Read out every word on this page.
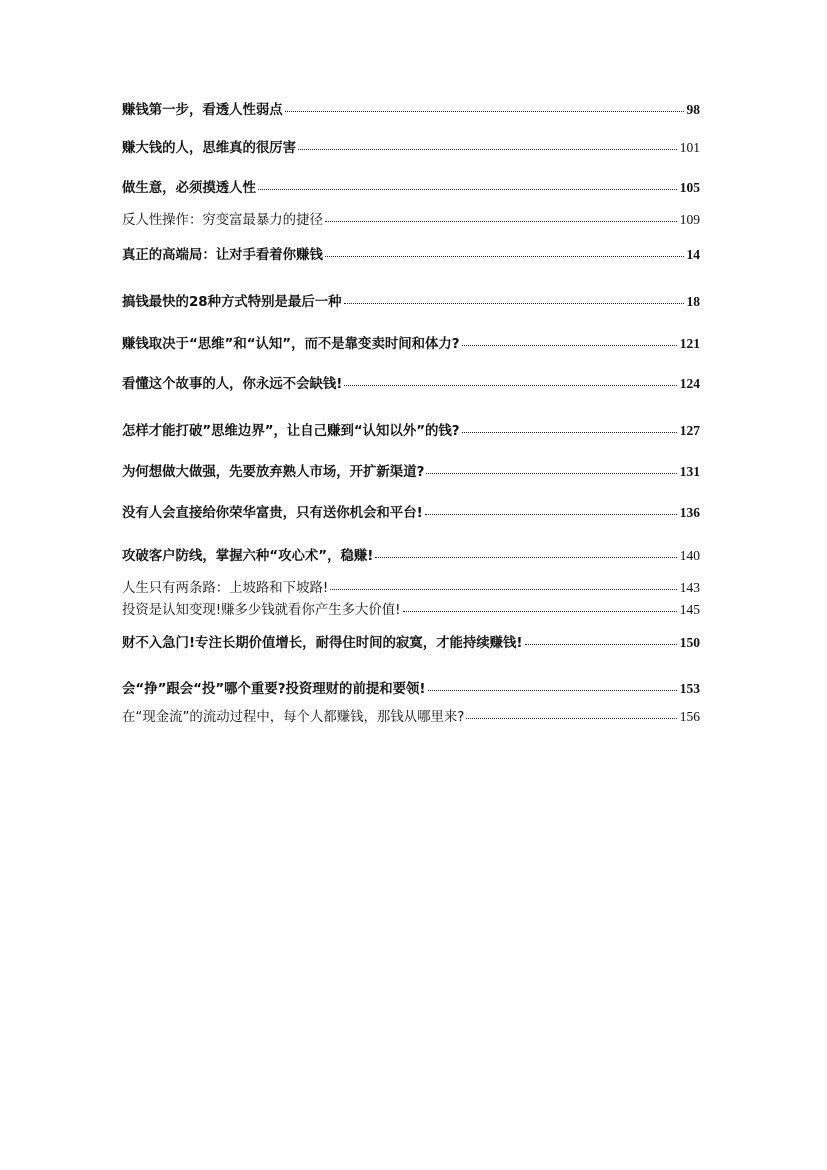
赚钱第一步，看透人性弱点	98
赚大钱的人，思维真的很厉害	101
做生意，必须摸透人性	105
反人性操作：穷变富最暴力的捷径	109
真正的高端局：让对手看着你赚钱	14
搞钱最快的28种方式特别是最后一种	18
赚钱取决于“思维”和“认知”，而不是靠变卖时间和体力?	121
看懂这个故事的人，你永远不会缺钱!	124
怎样才能打破”思维边界”，让自己赚到“认知以外”的钱?	127
为何想做大做强，先要放弃熟人市场，开扩新渠道?	131
没有人会直接给你荣华富贵，只有送你机会和平台!	136
攻破客户防线，掌握六种“攻心术”，稳赚!	140
人生只有两条路：上坡路和下坡路!	143
投资是认知变现!赚多少钱就看你产生多大价值!	145
财不入急门!专注长期价值增长，耐得住时间的寂寞，才能持续赚钱!	150
会“挣”跟会“投”哪个重要?投资理财的前提和要领!	153
在“现金流”的流动过程中，每个人都赚钱，那钱从哪里来?	156
